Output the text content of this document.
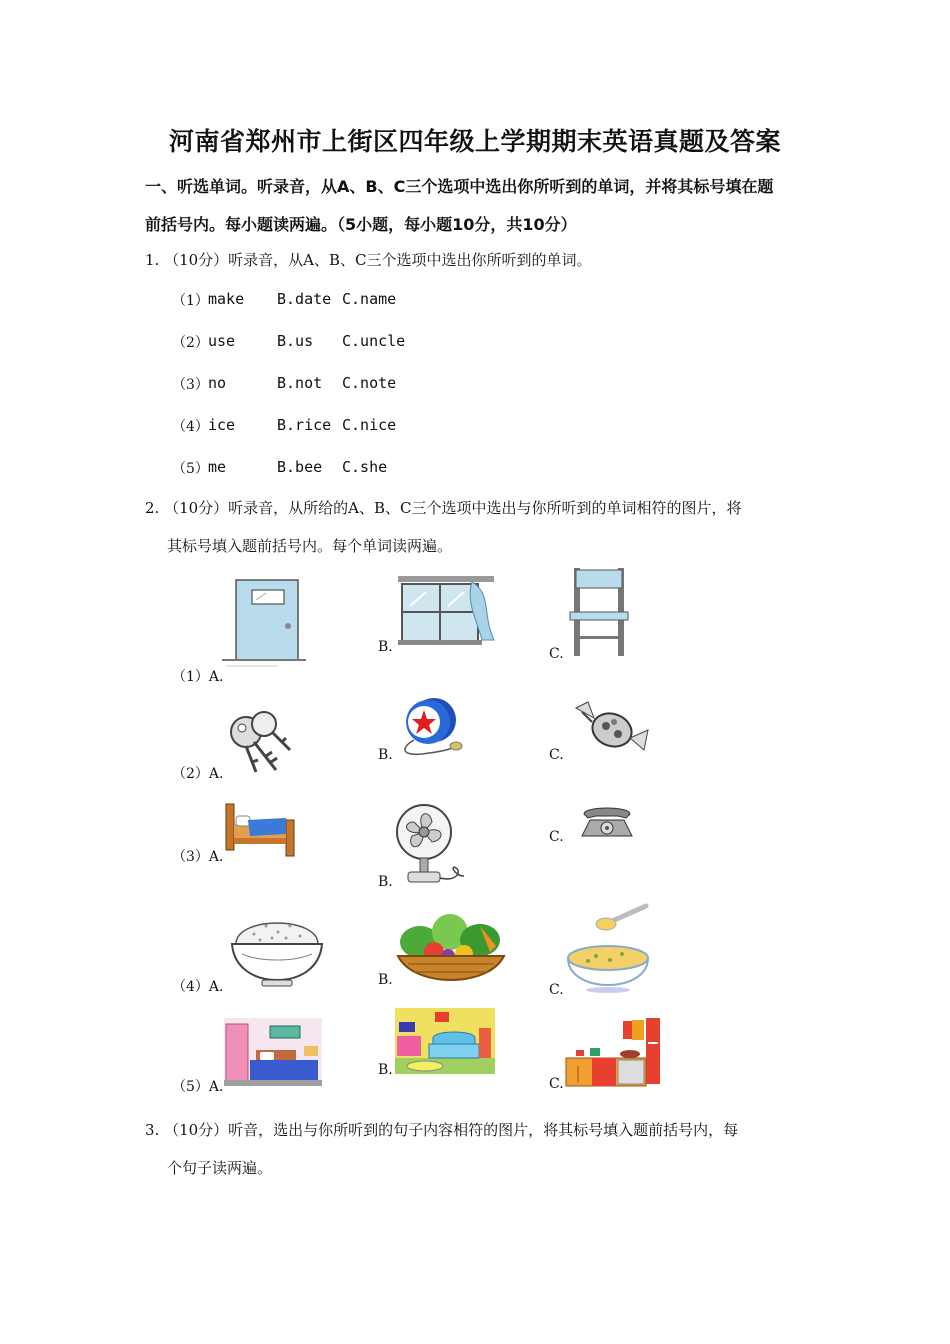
河南省郑州市上街区四年级上学期期末英语真题及答案
一、听选单词。听录音，从A、B、C三个选项中选出你所听到的单词，并将其标号填在题
前括号内。每小题读两遍。（5小题，每小题10分，共10分）
1. （10分）听录音，从A、B、C三个选项中选出你所听到的单词。
（1） make B.date C.name
（2） use	B.us C.uncle
（3） no	B.not C.note
（4） ice	B.rice C.nice
（5） me	B.bee C.she
2. （10分）听录音，从所给的A、B、C三个选项中选出与你所听到的单词相符的图片，将
其标号填入题前括号内。每个单词读两遍。
（1）A.
B.	C.
（2）A.
B.	C.
（3）A.
B.
C.
（4）A.	B.
C.
（5）A.
B.
C.
3. （10分）听音，选出与你所听到的句子内容相符的图片，将其标号填入题前括号内，每
个句子读两遍。
